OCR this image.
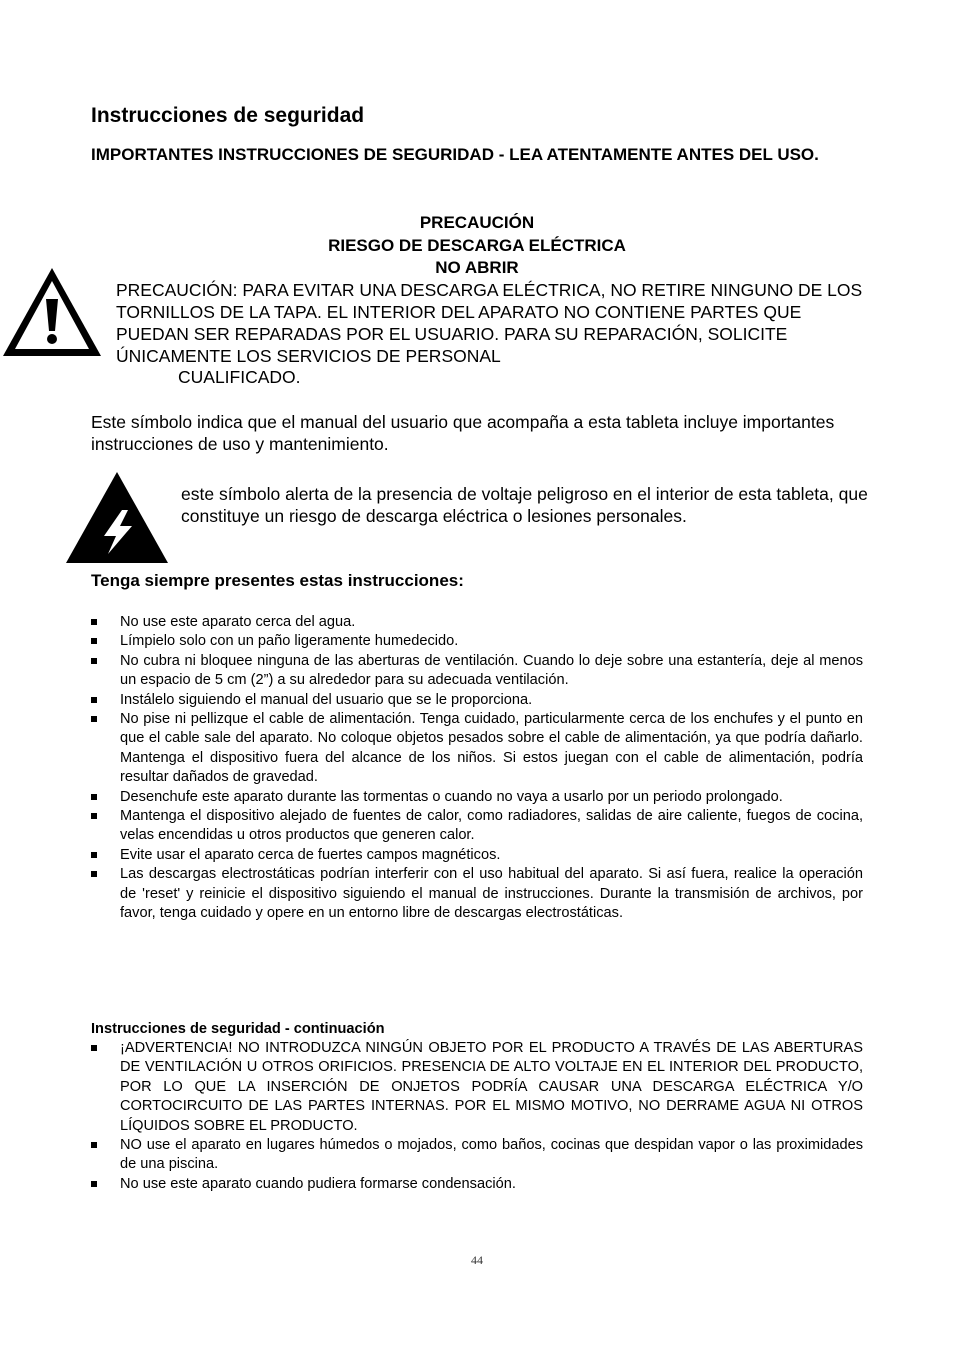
Instrucciones de seguridad
IMPORTANTES INSTRUCCIONES DE SEGURIDAD - LEA ATENTAMENTE ANTES DEL USO.
PRECAUCIÓN
RIESGO DE DESCARGA ELÉCTRICA
NO ABRIR
PRECAUCIÓN: PARA EVITAR UNA DESCARGA ELÉCTRICA, NO RETIRE NINGUNO DE LOS TORNILLOS DE LA TAPA. EL INTERIOR DEL APARATO NO CONTIENE PARTES QUE PUEDAN SER REPARADAS POR EL USUARIO. PARA SU REPARACIÓN, SOLICITE ÚNICAMENTE LOS SERVICIOS DE PERSONAL
CUALIFICADO.
Este símbolo indica que el manual del usuario que acompaña a esta tableta incluye importantes instrucciones de uso y mantenimiento.
este símbolo alerta de la presencia de voltaje peligroso en el interior de esta tableta, que constituye un riesgo de descarga eléctrica o lesiones personales.
Tenga siempre presentes estas instrucciones:
No use este aparato cerca del agua.
Límpielo solo con un paño ligeramente humedecido.
No cubra ni bloquee ninguna de las aberturas de ventilación. Cuando lo deje sobre una estantería, deje al menos un espacio de 5 cm (2”) a su alrededor para su adecuada ventilación.
Instálelo siguiendo el manual del usuario que se le proporciona.
No pise ni pellizque el cable de alimentación. Tenga cuidado, particularmente cerca de los enchufes y el punto en que el cable sale del aparato. No coloque objetos pesados sobre el cable de alimentación, ya que podría dañarlo. Mantenga el dispositivo fuera del alcance de los niños. Si estos juegan con el cable de alimentación, podría resultar dañados de gravedad.
Desenchufe este aparato durante las tormentas o cuando no vaya a usarlo por un periodo prolongado.
Mantenga el dispositivo alejado de fuentes de calor, como radiadores, salidas de aire caliente, fuegos de cocina, velas encendidas u otros productos que generen calor.
Evite usar el aparato cerca de fuertes campos magnéticos.
Las descargas electrostáticas podrían interferir con el uso habitual del aparato. Si así fuera, realice la operación de 'reset' y reinicie el dispositivo siguiendo el manual de instrucciones. Durante la transmisión de archivos, por favor, tenga cuidado y opere en un entorno libre de descargas electrostáticas.
Instrucciones de seguridad - continuación
¡ADVERTENCIA! NO INTRODUZCA NINGÚN OBJETO POR EL PRODUCTO A TRAVÉS DE LAS ABERTURAS DE VENTILACIÓN U OTROS ORIFICIOS. PRESENCIA DE ALTO VOLTAJE EN EL INTERIOR DEL PRODUCTO, POR LO QUE LA INSERCIÓN DE ONJETOS PODRÍA CAUSAR UNA DESCARGA ELÉCTRICA Y/O CORTOCIRCUITO DE LAS PARTES INTERNAS. POR EL MISMO MOTIVO, NO DERRAME AGUA NI OTROS LÍQUIDOS SOBRE EL PRODUCTO.
NO use el aparato en lugares húmedos o mojados, como baños, cocinas que despidan vapor o las proximidades de una piscina.
No use este aparato cuando pudiera formarse condensación.
44
